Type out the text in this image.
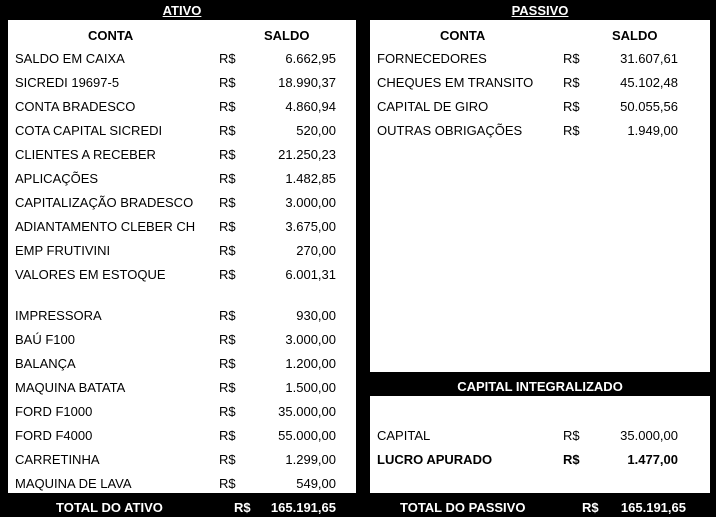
ATIVO	PASSIVO
CONTA	SALDO
SALDO EM CAIXA	R$	6.662,95
SICREDI 19697-5	R$	18.990,37
CONTA BRADESCO	R$	4.860,94
COTA CAPITAL SICREDI	R$	520,00
CLIENTES A RECEBER	R$	21.250,23
APLICAÇÕES	R$	1.482,85
CAPITALIZAÇÃO BRADESCO R$	3.000,00
ADIANTAMENTO CLEBER CH R$	3.675,00
EMP FRUTIVINI	R$	270,00
VALORES EM ESTOQUE	R$	6.001,31
IMPRESSORA	R$	930,00
BAÚ F100	R$	3.000,00
BALANÇA	R$	1.200,00
MAQUINA BATATA	R$	1.500,00
FORD F1000	R$	35.000,00
FORD F4000	R$	55.000,00
CARRETINHA	R$	1.299,00
MAQUINA DE LAVA	R$	549,00
CONTA	SALDO
FORNECEDORES	R$	31.607,61
CHEQUES EM TRANSITO R$	45.102,48
CAPITAL DE GIRO	R$	50.055,56
OUTRAS OBRIGAÇÕES	R$	1.949,00
CAPITAL INTEGRALIZADO
CAPITAL	R$	35.000,00
LUCRO APURADO	R$	1.477,00
TOTAL DO ATIVO	R$	165.191,65	TOTAL DO PASSIVO	R$	165.191,65
